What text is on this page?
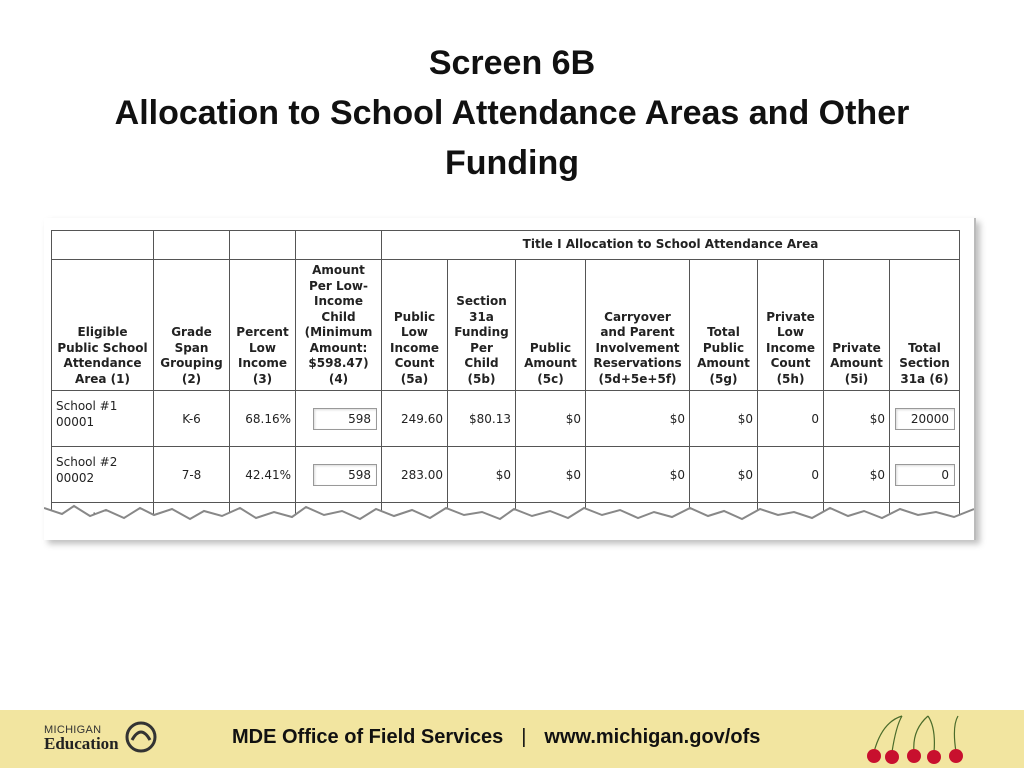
Screen 6B
Allocation to School Attendance Areas and Other
Funding
				Title I Allocation to School Attendance Area							
Eligible Public School Attendance Area (1)	Grade Span Grouping (2)	Percent Low Income (3)	Amount Per Low-Income Child (Minimum Amount: $598.47) (4)	Public Low Income Count (5a)	Section 31a Funding Per Child (5b)	Public Amount (5c)	Carryover and Parent Involvement Reservations (5d+5e+5f)	Total Public Amount (5g)	Private Low Income Count (5h)	Private Amount (5i)	Total Section 31a (6)

School #1
00001	K-6	68.16%	598	249.60	$80.13	$0	$0	$0	0	$0	20000

School #2
00002	7-8	42.41%	598	283.00	$0	$0	$0	$0	0	$0	0

MICHIGAN
Education	MDE Office of Field Services | www.michigan.gov/ofs
